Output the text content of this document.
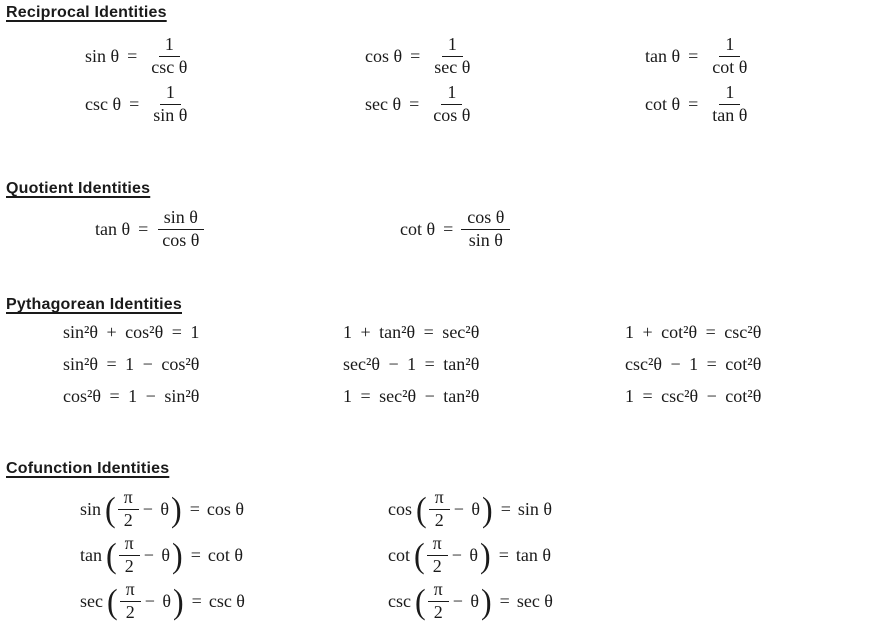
Reciprocal Identities
$\sin \theta = \frac{1}{\text{csc θ}}$	$\cos \theta = \frac{1}{\text{sec θ}}$	$\tan \theta = \frac{1}{\text{cot θ}}$
$\csc \theta = \frac{1}{\text{sin θ}}$	$\sec \theta = \frac{1}{\text{cos θ}}$	$\cot \theta = \frac{1}{\text{tan θ}}$
Quotient Identities
$\tan \theta = \frac{\text{sin θ}}{\text{cos θ}}$	$\cot \theta = \frac{\text{cos θ}}{\text{sin θ}}$
Pythagorean Identities
sin²θ + cos²θ = 1	1 + tan²θ = sec²θ	1 + cot²θ = csc²θ
sin²θ = 1 − cos²θ	sec²θ − 1 = tan²θ	csc²θ − 1 = cot²θ
cos²θ = 1 − sin²θ	1 = sec²θ − tan²θ	1 = csc²θ − cot²θ
Cofunction Identities
sin ( $\frac{\pi}{2} - \theta$ ) = cos θ	cos ( $\frac{\pi}{2} - \theta$ ) = sin θ
tan ( $\frac{\pi}{2} - \theta$ ) = cot θ	cot ( $\frac{\pi}{2} - \theta$ ) = tan θ
sec ( $\frac{\pi}{2} - \theta$ ) = csc θ	csc ( $\frac{\pi}{2} - \theta$ ) = sec θ
